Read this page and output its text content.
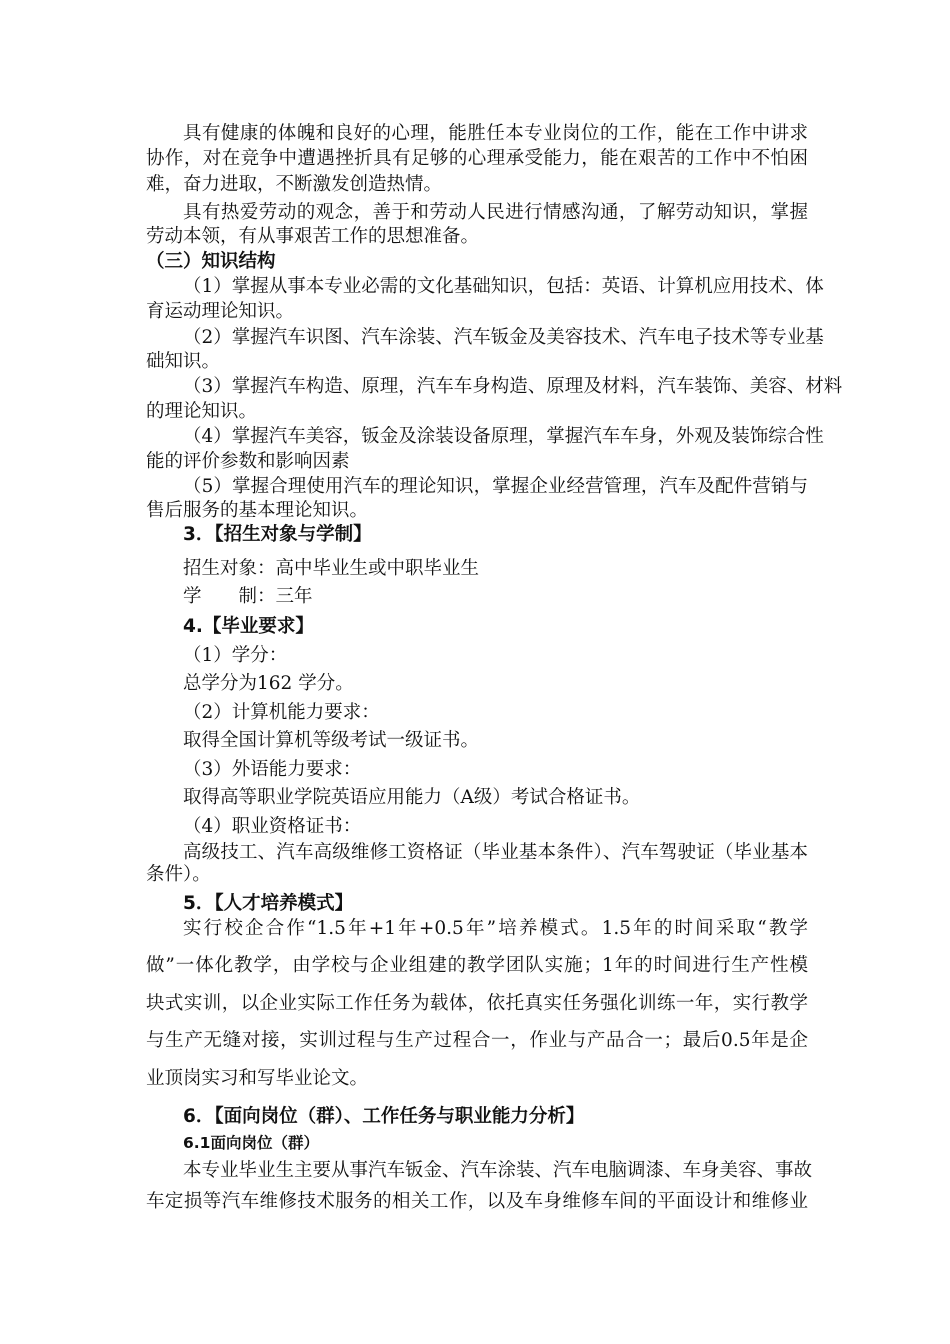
具有健康的体魄和良好的心理，能胜任本专业岗位的工作，能在工作中讲求
协作，对在竞争中遭遇挫折具有足够的心理承受能力，能在艰苦的工作中不怕困
难，奋力进取，不断激发创造热情。
具有热爱劳动的观念，善于和劳动人民进行情感沟通，了解劳动知识，掌握
劳动本领，有从事艰苦工作的思想准备。
（三）知识结构
（1）掌握从事本专业必需的文化基础知识，包括：英语、计算机应用技术、体
育运动理论知识。
（2）掌握汽车识图、汽车涂装、汽车钣金及美容技术、汽车电子技术等专业基
础知识。
（3）掌握汽车构造、原理，汽车车身构造、原理及材料，汽车装饰、美容、材料
的理论知识。
（4）掌握汽车美容，钣金及涂装设备原理，掌握汽车车身，外观及装饰综合性
能的评价参数和影响因素
（5）掌握合理使用汽车的理论知识，掌握企业经营管理，汽车及配件营销与
售后服务的基本理论知识。
3．【招生对象与学制】
招生对象：高中毕业生或中职毕业生
学　　制：三年
4.【毕业要求】
（1）学分：
总学分为162 学分。
（2）计算机能力要求：
取得全国计算机等级考试一级证书。
（3）外语能力要求：
取得高等职业学院英语应用能力（A级）考试合格证书。
（4）职业资格证书：
高级技工、汽车高级维修工资格证（毕业基本条件）、汽车驾驶证（毕业基本
条件）。
5．【人才培养模式】
实行校企合作“1.5年+1年+0.5年”培养模式。1.5年的时间采取“教学
做”一体化教学，由学校与企业组建的教学团队实施；1年的时间进行生产性模
块式实训，以企业实际工作任务为载体，依托真实任务强化训练一年，实行教学
与生产无缝对接，实训过程与生产过程合一，作业与产品合一；最后0.5年是企
业顶岗实习和写毕业论文。
6．【面向岗位（群）、工作任务与职业能力分析】
6.1面向岗位（群）
本专业毕业生主要从事汽车钣金、汽车涂装、汽车电脑调漆、车身美容、事故
车定损等汽车维修技术服务的相关工作，以及车身维修车间的平面设计和维修业
